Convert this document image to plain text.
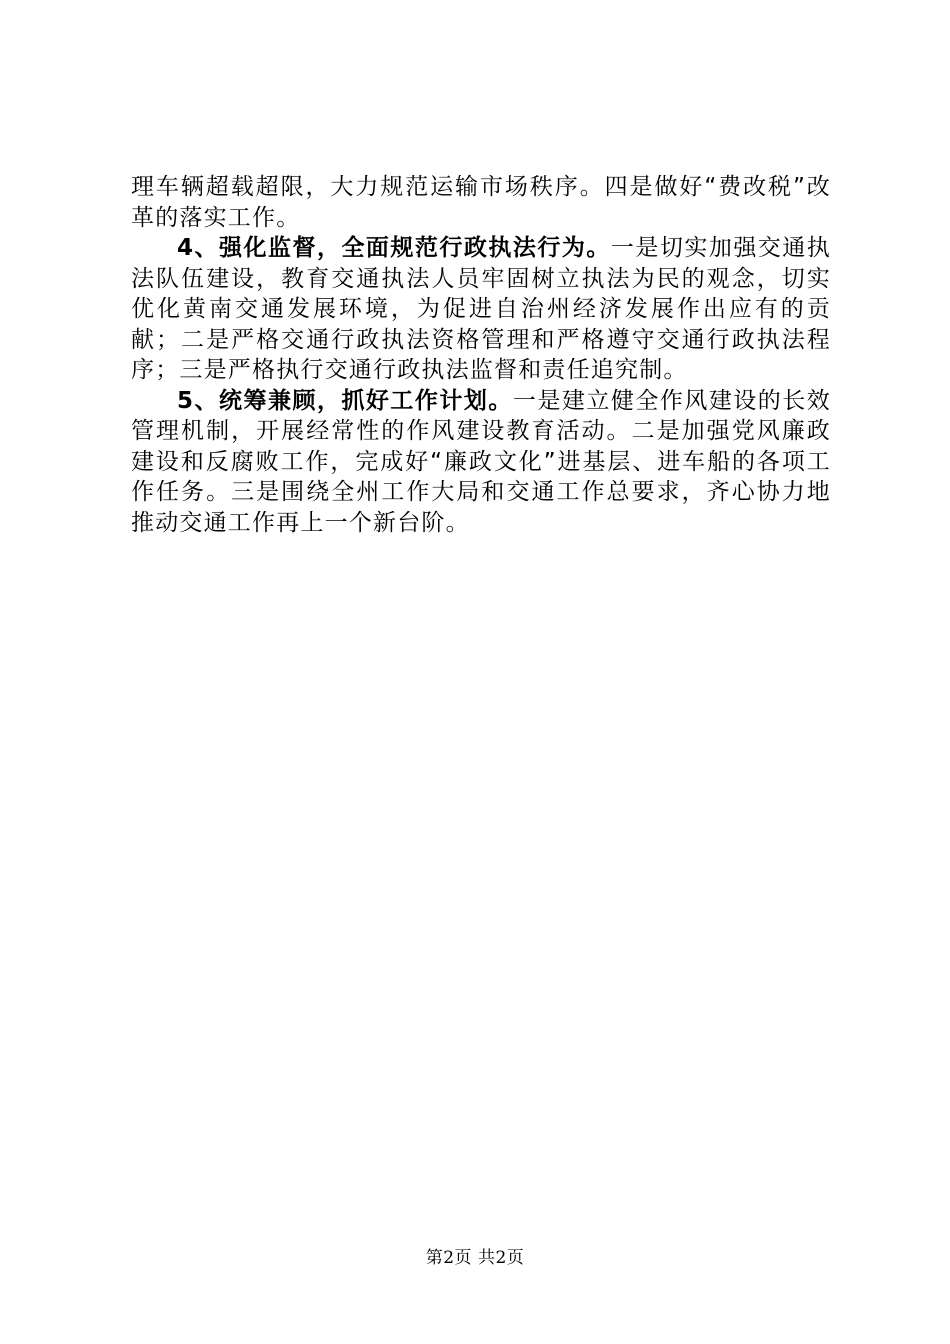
理车辆超载超限，大力规范运输市场秩序。四是做好“费改税”改革的落实工作。

4、强化监督，全面规范行政执法行为。一是切实加强交通执法队伍建设，教育交通执法人员牢固树立执法为民的观念，切实优化黄南交通发展环境，为促进自治州经济发展作出应有的贡献；二是严格交通行政执法资格管理和严格遵守交通行政执法程序；三是严格执行交通行政执法监督和责任追究制。

5、统筹兼顾，抓好工作计划。一是建立健全作风建设的长效管理机制，开展经常性的作风建设教育活动。二是加强党风廉政建设和反腐败工作，完成好“廉政文化”进基层、进车船的各项工作任务。三是围绕全州工作大局和交通工作总要求，齐心协力地推动交通工作再上一个新台阶。

第2页 共2页
